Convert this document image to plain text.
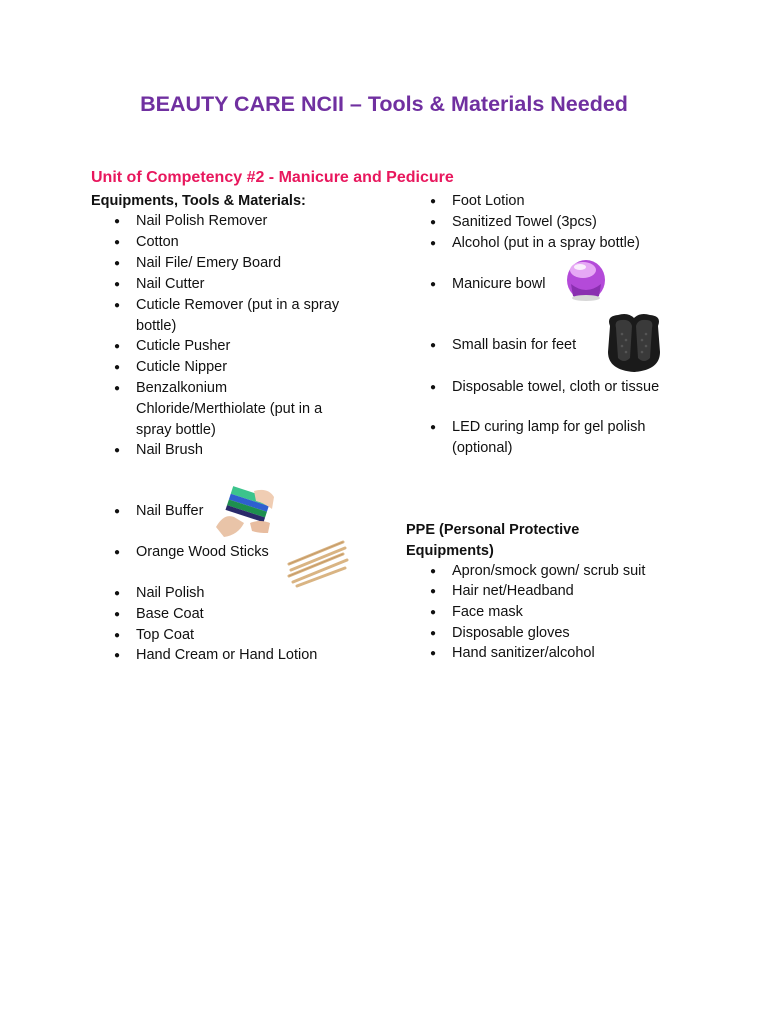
BEAUTY CARE NCII – Tools & Materials Needed
Unit of Competency #2 - Manicure and Pedicure
Equipments, Tools & Materials:
PPE (Personal Protective Equipments)
● Nail Polish Remover
● Cotton
● Nail File/ Emery Board
● Nail Cutter
● Cuticle Remover (put in a spray
bottle)
● Cuticle Pusher
● Cuticle Nipper
● Benzalkonium
Chloride/Merthiolate (put in a
spray bottle)
● Nail Brush
● Nail Buffer
● Orange Wood Sticks
● Nail Polish
● Base Coat
● Top Coat
● Hand Cream or Hand Lotion
● Foot Lotion
● Sanitized Towel (3pcs)
● Alcohol (put in a spray bottle)
● Manicure bowl
● Small basin for feet
● Disposable towel, cloth or tissue
● LED curing lamp for gel polish
(optional)
● Apron/smock gown/ scrub suit
● Hair net/Headband
● Face mask
● Disposable gloves
● Hand sanitizer/alcohol
